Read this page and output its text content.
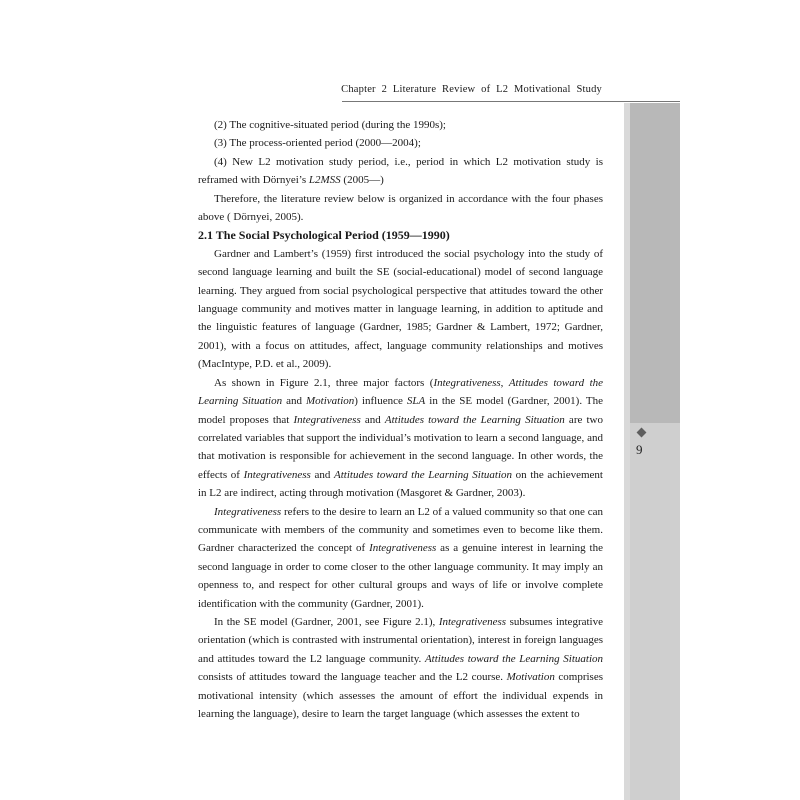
Chapter 2 Literature Review of L2 Motivational Study
9

(2) The cognitive-situated period (during the 1990s);

(3) The process-oriented period (2000—2004);

(4) New L2 motivation study period, i.e., period in which L2 motivation study is reframed with Dörnyei’s L2MSS (2005—)

Therefore, the literature review below is organized in accordance with the four phases above ( Dörnyei, 2005).

2.1 The Social Psychological Period (1959—1990)

Gardner and Lambert’s (1959) first introduced the social psychology into the study of second language learning and built the SE (social-educational) model of second language learning. They argued from social psychological perspective that attitudes toward the other language community and motives matter in language learning, in addition to aptitude and the linguistic features of language (Gardner, 1985; Gardner & Lambert, 1972; Gardner, 2001), with a focus on attitudes, affect, language community relationships and motives (MacIntype, P.D. et al., 2009).

As shown in Figure 2.1, three major factors (Integrativeness, Attitudes toward the Learning Situation and Motivation) influence SLA in the SE model (Gardner, 2001). The model proposes that Integrativeness and Attitudes toward the Learning Situation are two correlated variables that support the individual’s motivation to learn a second language, and that motivation is responsible for achievement in the second language. In other words, the effects of Integrativeness and Attitudes toward the Learning Situation on the achievement in L2 are indirect, acting through motivation (Masgoret & Gardner, 2003).

Integrativeness refers to the desire to learn an L2 of a valued community so that one can communicate with members of the community and sometimes even to become like them. Gardner characterized the concept of Integrativeness as a genuine interest in learning the second language in order to come closer to the other language community. It may imply an openness to, and respect for other cultural groups and ways of life or involve complete identification with the community (Gardner, 2001).

In the SE model (Gardner, 2001, see Figure 2.1), Integrativeness subsumes integrative orientation (which is contrasted with instrumental orientation), interest in foreign languages and attitudes toward the L2 language community. Attitudes toward the Learning Situation consists of attitudes toward the language teacher and the L2 course. Motivation comprises motivational intensity (which assesses the amount of effort the individual expends in learning the language), desire to learn the target language (which assesses the extent to
